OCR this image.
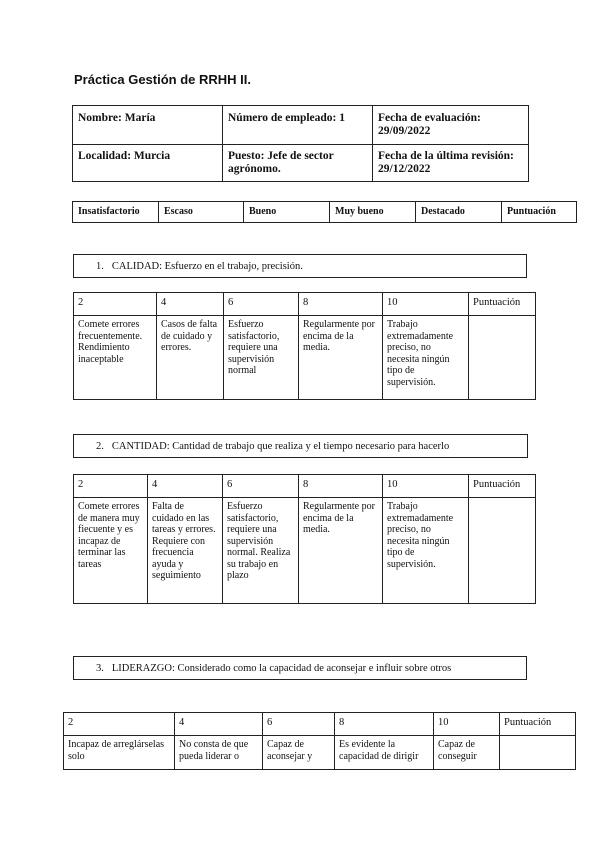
Práctica Gestión de RRHH II.
Nombre: María	Número de empleado: 1	Fecha de evaluación: 29/09/2022
Localidad: Murcia	Puesto: Jefe de sector agrónomo.	Fecha de la última revisión: 29/12/2022
Insatisfactorio	Escaso	Bueno	Muy bueno	Destacado	Puntuación
1. CALIDAD: Esfuerzo en el trabajo, precisión.
2	4	6	8	10	Puntuación
Comete errores frecuentemente. Rendimiento inaceptable	Casos de falta de cuidado y errores.	Esfuerzo satisfactorio, requiere una supervisión normal	Regularmente por encima de la media.	Trabajo extremadamente preciso, no necesita ningún tipo de supervisión.	
2. CANTIDAD: Cantidad de trabajo que realiza y el tiempo necesario para hacerlo
2	4	6	8	10	Puntuación
Comete errores de manera muy fiecuente y es incapaz de terminar las tareas	Falta de cuidado en las tareas y errores. Requiere con frecuencia ayuda y seguimiento	Esfuerzo satisfactorio, requiere una supervisión normal. Realiza su trabajo en plazo	Regularmente por encima de la media.	Trabajo extremadamente preciso, no necesita ningún tipo de supervisión.	
3. LIDERAZGO: Considerado como la capacidad de aconsejar e influir sobre otros
2	4	6	8	10	Puntuación

Incapaz de arreglárselas solo	No consta de que pueda liderar o	Capaz de aconsejar y	Es evidente la capacidad de dirigir	Capaz de conseguir	
